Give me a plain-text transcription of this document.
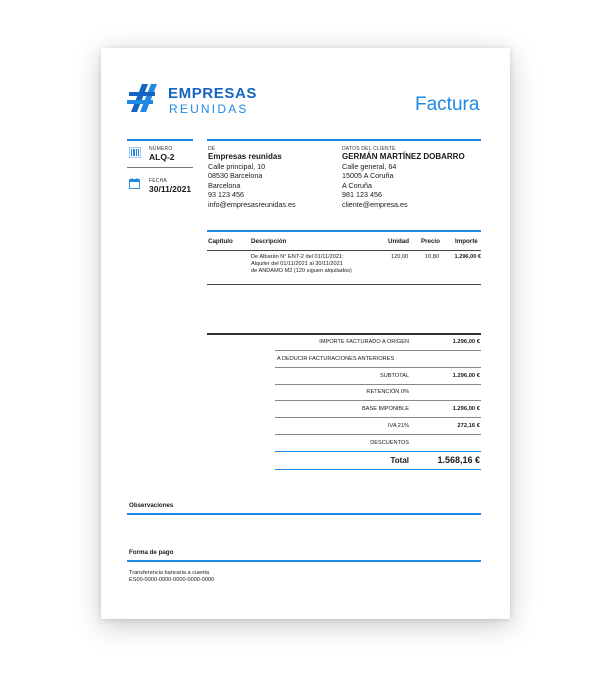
EMPRESAS
REUNIDAS	Factura
NÚMERO
ALQ-2
FECHA
30/11/2021
DE
Empresas reunidas
Calle principal, 10
08530 Barcelona
Barcelona
93 123 456
info@empresasreunidas.es
DATOS DEL CLIENTE
GERMÁN MARTÍNEZ DOBARRO
Calle general, 64
15005 A Coruña
A Coruña
981 123 456
cliente@empresa.es
Capítulo	Descripción	Unidad Precio Importe
De Albarán N° ENT-2 del 01/11/2021:
Alquiler del 01/11/2021 al 30/11/2021
de ANDAMO M2 (120 siguen alquilados)
120,00	10,80	1.296,00 €
IMPORTE FACTURADO A ORIGEN	1.296,00 €
A DEDUCIR FACTURACIONES ANTERIORES
SUBTOTAL	1.296,00 €
RETENCIÓN 0%
BASE IMPONIBLE	1.296,00 €
IVA 21%	272,16 €
DESCUENTOS
Total	1.568,16 €
Observaciones
Forma de pago
Transferencia bancaria a cuenta
ES00-0000-0000-0000-0000-0000
